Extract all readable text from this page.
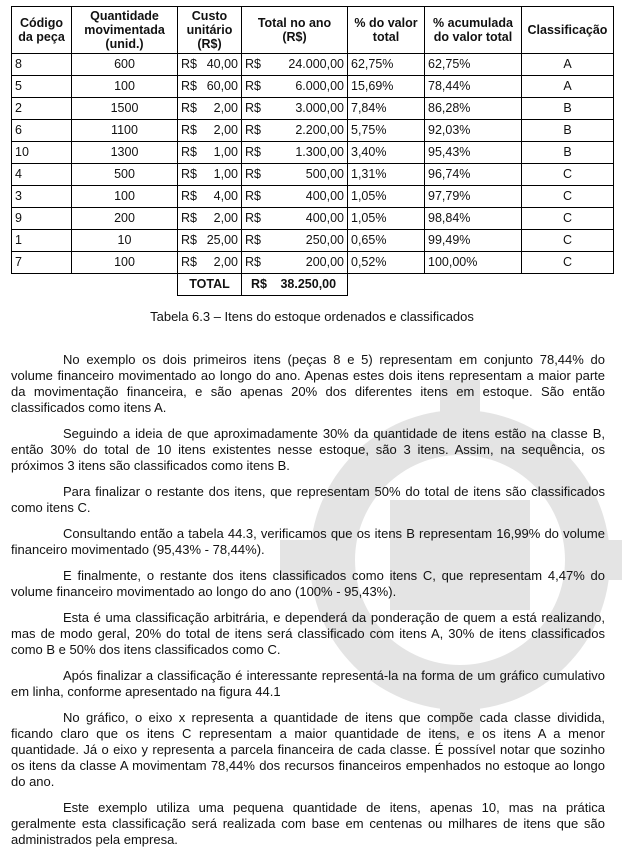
Código da peça	Quantidade movimentada (unid.)	Custo unitário (R$)	Total no ano (R$)	% do valor total	% acumulada do valor total	Classificação
8	600	R$ 40,00	R$ 24.000,00	62,75%	62,75%	A
5	100	R$ 60,00	R$ 6.000,00	15,69%	78,44%	A
2	1500	R$ 2,00	R$ 3.000,00	7,84%	86,28%	B
6	1100	R$ 2,00	R$ 2.200,00	5,75%	92,03%	B
10	1300	R$ 1,00	R$ 1.300,00	3,40%	95,43%	B
4	500	R$ 1,00	R$ 500,00	1,31%	96,74%	C
3	100	R$ 4,00	R$ 400,00	1,05%	97,79%	C
9	200	R$ 2,00	R$ 400,00	1,05%	98,84%	C
1	10	R$ 25,00	R$ 250,00	0,65%	99,49%	C
7	100	R$ 2,00	R$ 200,00	0,52%	100,00%	C
		TOTAL	R$ 38.250,00			
Tabela 6.3 – Itens do estoque ordenados e classificados

No exemplo os dois primeiros itens (peças 8 e 5) representam em conjunto 78,44% do volume financeiro movimentado ao longo do ano. Apenas estes dois itens representam a maior parte da movimentação financeira, e são apenas 20% dos diferentes itens em estoque. São então classificados como itens A.

Seguindo a ideia de que aproximadamente 30% da quantidade de itens estão na classe B, então 30% do total de 10 itens existentes nesse estoque, são 3 itens. Assim, na sequência, os próximos 3 itens são classificados como itens B.

Para finalizar o restante dos itens, que representam 50% do total de itens são classificados como itens C.

Consultando então a tabela 44.3, verificamos que os itens B representam 16,99% do volume financeiro movimentado (95,43% - 78,44%).

E finalmente, o restante dos itens classificados como itens C, que representam 4,47% do volume financeiro movimentado ao longo do ano (100% - 95,43%).

Esta é uma classificação arbitrária, e dependerá da ponderação de quem a está realizando, mas de modo geral, 20% do total de itens será classificado com itens A, 30% de itens classificados como B e 50% dos itens classificados como C.

Após finalizar a classificação é interessante representá-la na forma de um gráfico cumulativo em linha, conforme apresentado na figura 44.1

No gráfico, o eixo x representa a quantidade de itens que compõe cada classe dividida, ficando claro que os itens C representam a maior quantidade de itens, e os itens A a menor quantidade. Já o eixo y representa a parcela financeira de cada classe. É possível notar que sozinho os itens da classe A movimentam 78,44% dos recursos financeiros empenhados no estoque ao longo do ano.

Este exemplo utiliza uma pequena quantidade de itens, apenas 10, mas na prática geralmente esta classificação será realizada com base em centenas ou milhares de itens que são administrados pela empresa.
